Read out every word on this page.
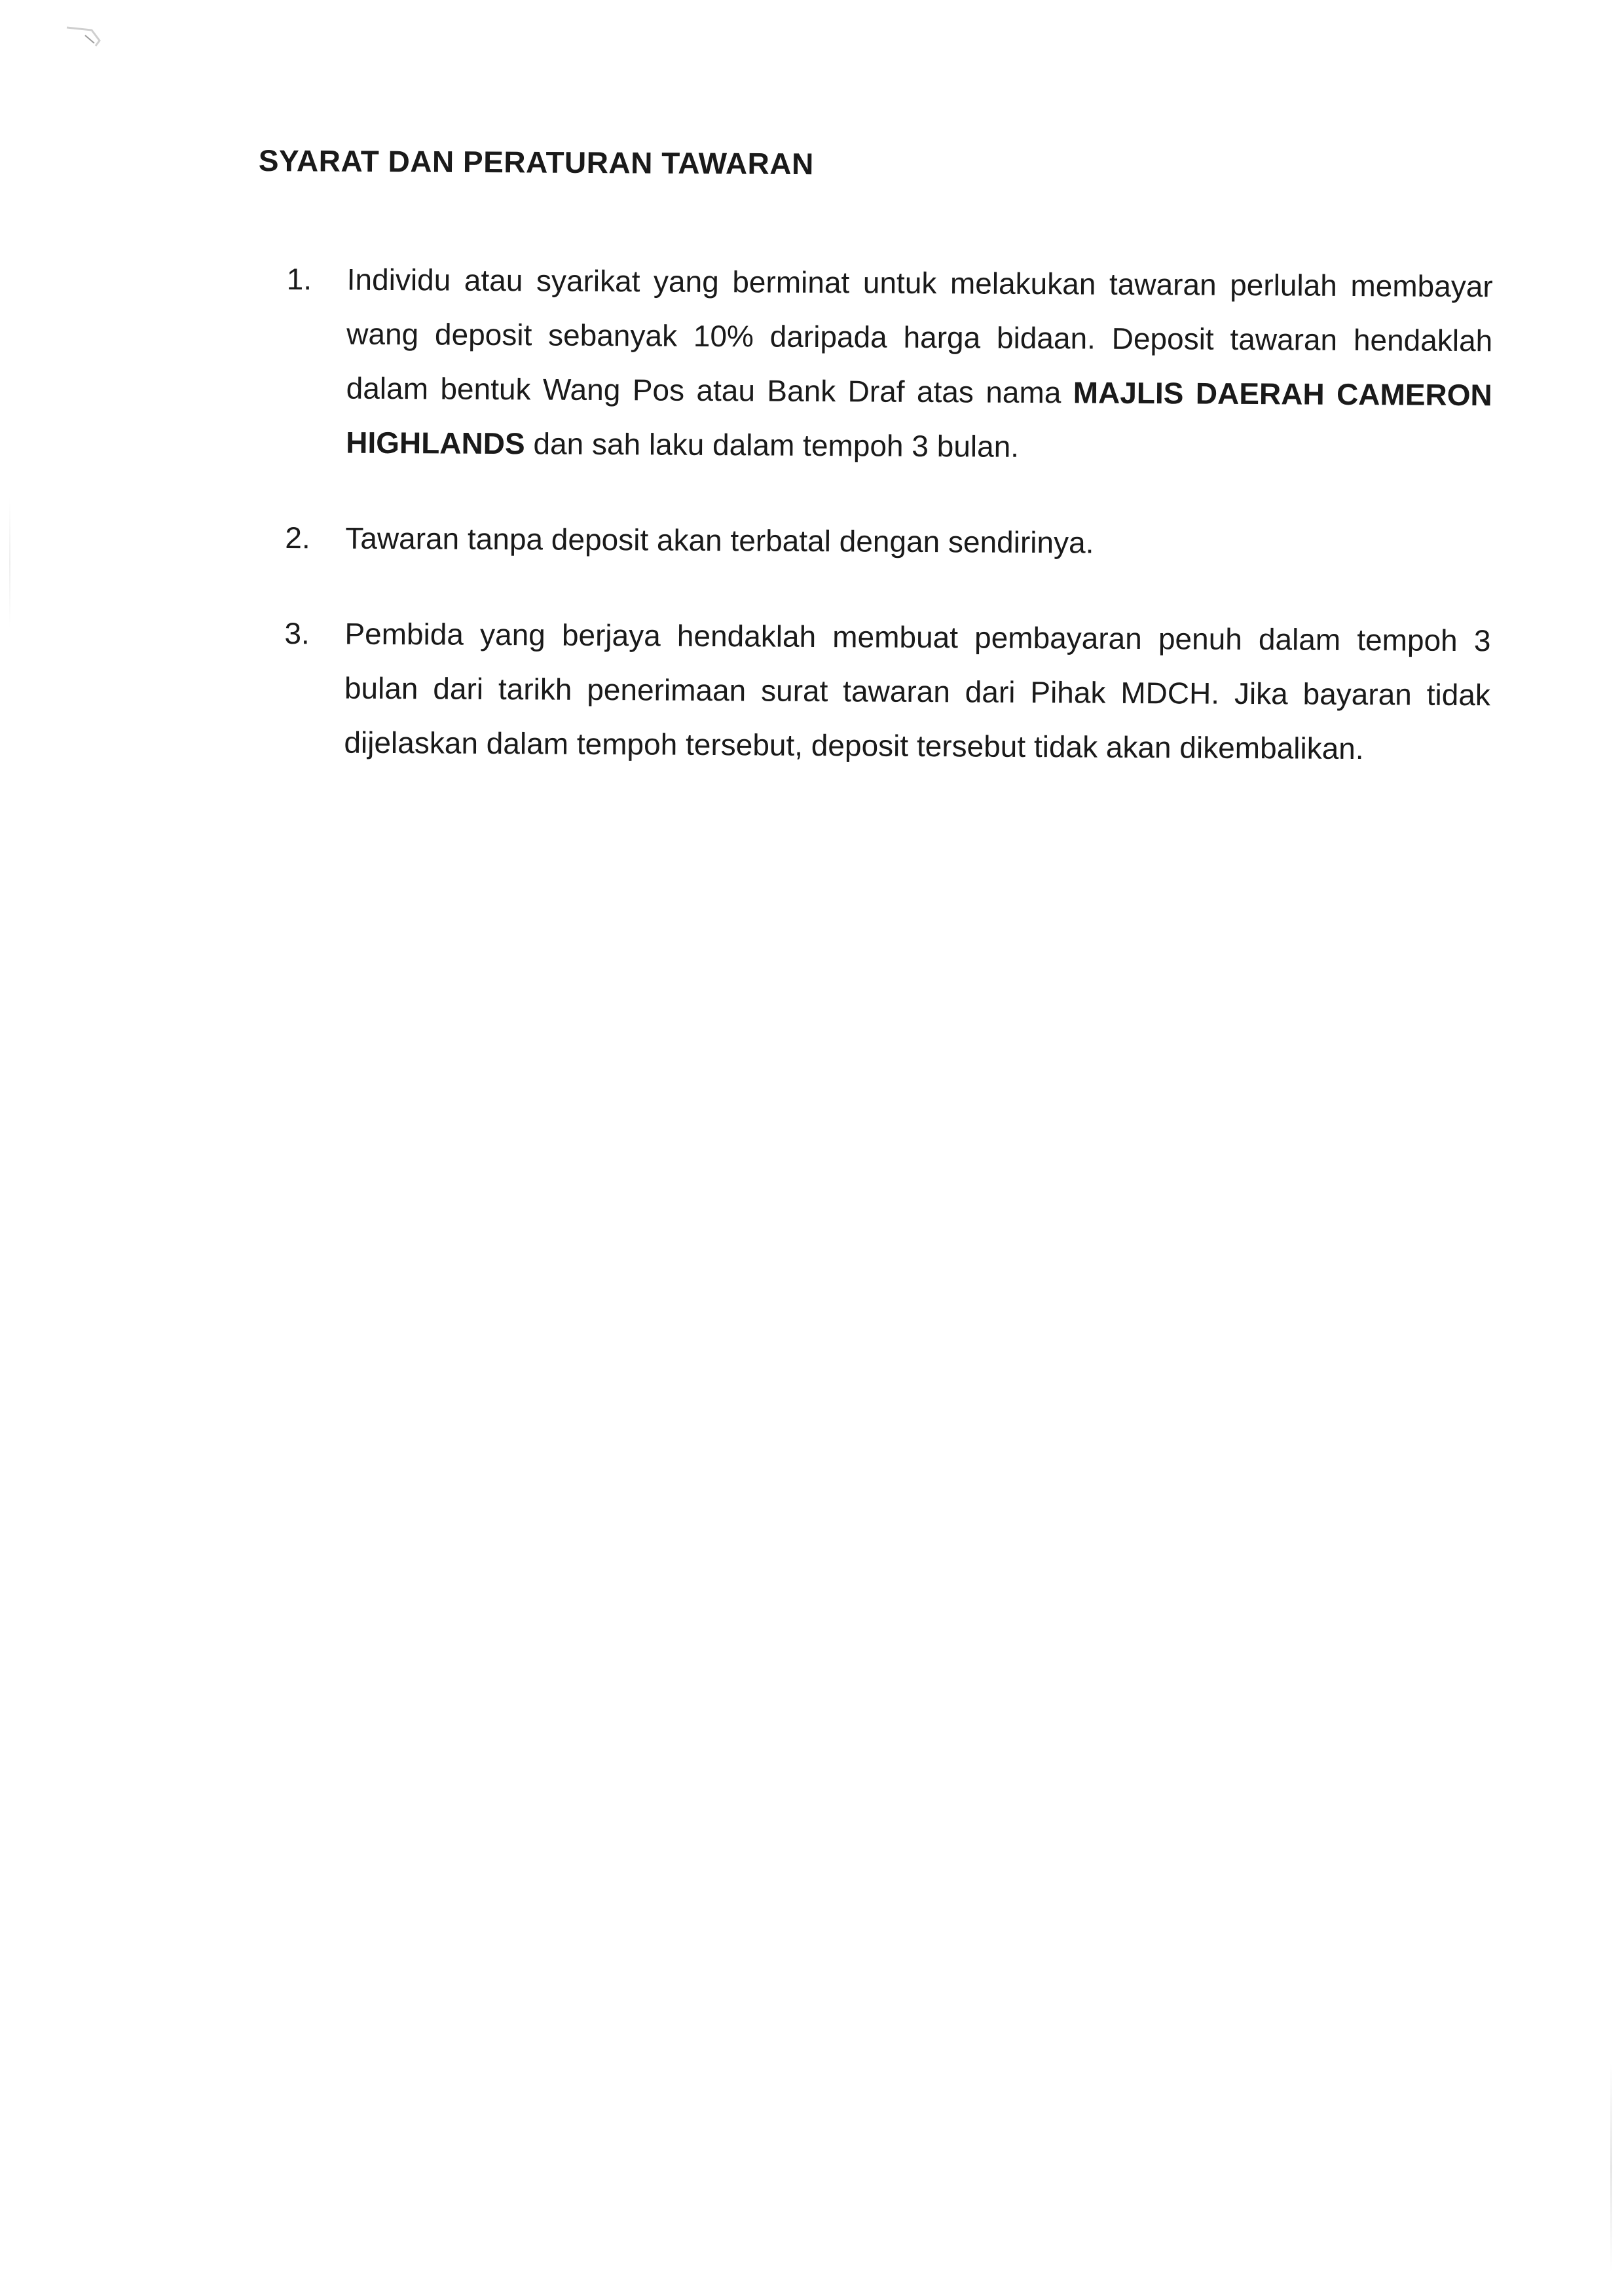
SYARAT DAN PERATURAN TAWARAN
1.	Individu atau syarikat yang berminat untuk melakukan tawaran perlulah membayar wang deposit sebanyak 10% daripada harga bidaan. Deposit tawaran hendaklah dalam bentuk Wang Pos atau Bank Draf atas nama MAJLIS DAERAH CAMERON HIGHLANDS dan sah laku dalam tempoh 3 bulan.
2.	Tawaran tanpa deposit akan terbatal dengan sendirinya.
3.	Pembida yang berjaya hendaklah membuat pembayaran penuh dalam tempoh 3 bulan dari tarikh penerimaan surat tawaran dari Pihak MDCH. Jika bayaran tidak dijelaskan dalam tempoh tersebut, deposit tersebut tidak akan dikembalikan.
